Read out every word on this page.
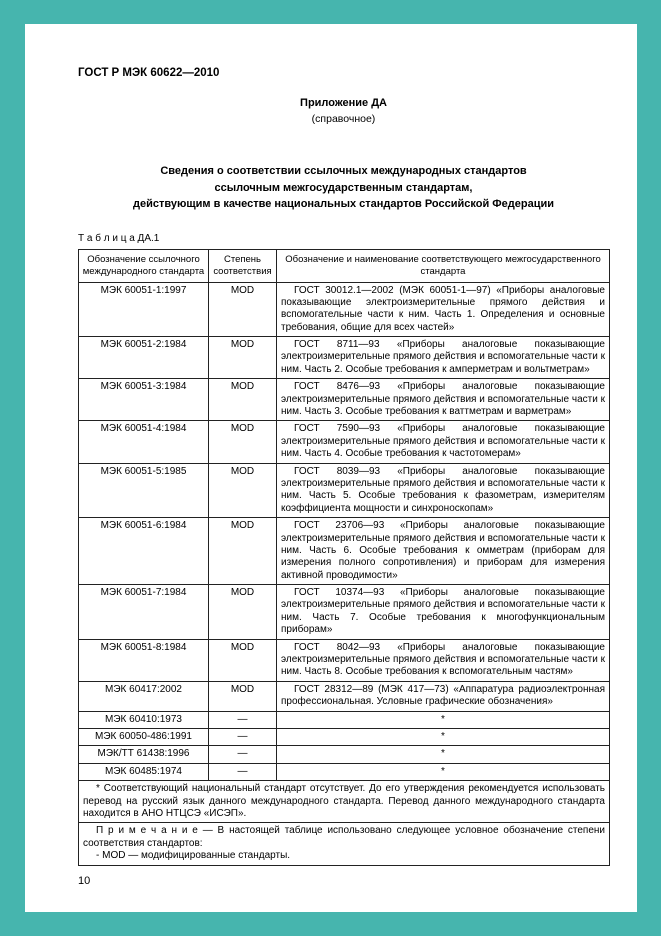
ГОСТ Р МЭК 60622—2010
Приложение ДА
(справочное)
Сведения о соответствии ссылочных международных стандартов
ссылочным межгосударственным стандартам,
действующим в качестве национальных стандартов Российской Федерации
Т а б л и ц а ДА.1
Обозначение ссылочного международного стандарта	Степень соответствия	Обозначение и наименование соответствующего межгосударственного стандарта
МЭК 60051-1:1997	MOD	ГОСТ 30012.1—2002 (МЭК 60051-1—97) «Приборы аналоговые показывающие электроизмерительные прямого действия и вспомогательные части к ним. Часть 1. Определения и основные требования, общие для всех частей»
МЭК 60051-2:1984	MOD	ГОСТ 8711—93 «Приборы аналоговые показывающие электроизмерительные прямого действия и вспомогательные части к ним. Часть 2. Особые требования к амперметрам и вольтметрам»
МЭК 60051-3:1984	MOD	ГОСТ 8476—93 «Приборы аналоговые показывающие электроизмерительные прямого действия и вспомогательные части к ним. Часть 3. Особые требования к ваттметрам и варметрам»
МЭК 60051-4:1984	MOD	ГОСТ 7590—93 «Приборы аналоговые показывающие электроизмерительные прямого действия и вспомогательные части к ним. Часть 4. Особые требования к частотомерам»
МЭК 60051-5:1985	MOD	ГОСТ 8039—93 «Приборы аналоговые показывающие электроизмерительные прямого действия и вспомогательные части к ним. Часть 5. Особые требования к фазометрам, измерителям коэффициента мощности и синхроноскопам»
МЭК 60051-6:1984	MOD	ГОСТ 23706—93 «Приборы аналоговые показывающие электроизмерительные прямого действия и вспомогательные части к ним. Часть 6. Особые требования к омметрам (приборам для измерения полного сопротивления) и приборам для измерения активной проводимости»
МЭК 60051-7:1984	MOD	ГОСТ 10374—93 «Приборы аналоговые показывающие электроизмерительные прямого действия и вспомогательные части к ним. Часть 7. Особые требования к многофункциональным приборам»
МЭК 60051-8:1984	MOD	ГОСТ 8042—93 «Приборы аналоговые показывающие электроизмерительные прямого действия и вспомогательные части к ним. Часть 8. Особые требования к вспомогательным частям»
МЭК 60417:2002	MOD	ГОСТ 28312—89 (МЭК 417—73) «Аппаратура радиоэлектронная профессиональная. Условные графические обозначения»
МЭК 60410:1973	—	*
МЭК 60050-486:1991	—	*
МЭК/ТТ 61438:1996	—	*
МЭК 60485:1974	—	*
* Соответствующий национальный стандарт отсутствует. До его утверждения рекомендуется использовать перевод на русский язык данного международного стандарта. Перевод данного международного стандарта находится в АНО НТЦСЭ «ИСЭП».		

П р и м е ч а н и е — В настоящей таблице использовано следующее условное обозначение степени соответствия стандартов:
- MOD — модифицированные стандарты.		
10
